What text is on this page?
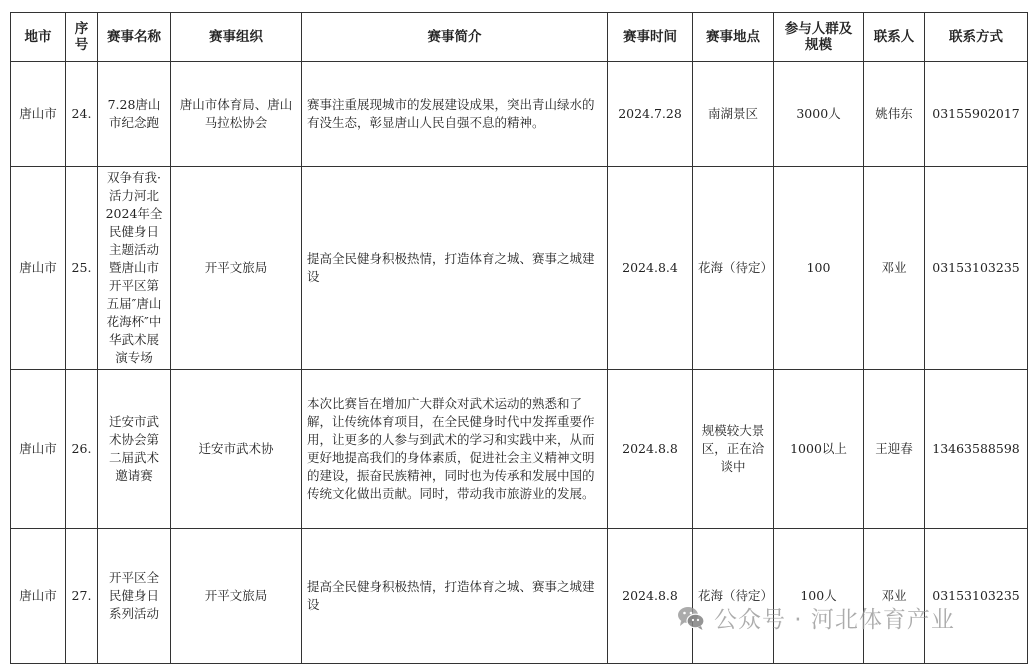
地市	序号	赛事名称	赛事组织	赛事简介	赛事时间	赛事地点	参与人群及规模	联系人	联系方式
唐山市	24.	7.28唐山市纪念跑	唐山市体育局、唐山马拉松协会	赛事注重展现城市的发展建设成果，突出青山绿水的有没生态，彰显唐山人民自强不息的精神。	2024.7.28	南湖景区	3000人	姚伟东	03155902017
唐山市	25.	双争有我·活力河北2024年全民健身日主题活动暨唐山市开平区第五届″唐山花海杯″中华武术展演专场	开平文旅局	提高全民健身积极热情，打造体育之城、赛事之城建设	2024.8.4	花海（待定）	100	邓业	03153103235
唐山市	26.	迁安市武术协会第二届武术邀请赛	迁安市武术协	本次比赛旨在增加广大群众对武术运动的熟悉和了解，让传统体育项目，在全民健身时代中发挥重要作用，让更多的人参与到武术的学习和实践中来，从而更好地提高我们的身体素质，促进社会主义精神文明的建设，振奋民族精神，同时也为传承和发展中国的传统文化做出贡献。同时，带动我市旅游业的发展。	2024.8.8	规模较大景区，正在洽谈中	1000以上	王迎春	13463588598
唐山市	27.	开平区全民健身日系列活动	开平文旅局	提高全民健身积极热情，打造体育之城、赛事之城建设	2024.8.8	花海（待定）	100人	邓业	03153103235
公众号 · 河北体育产业
